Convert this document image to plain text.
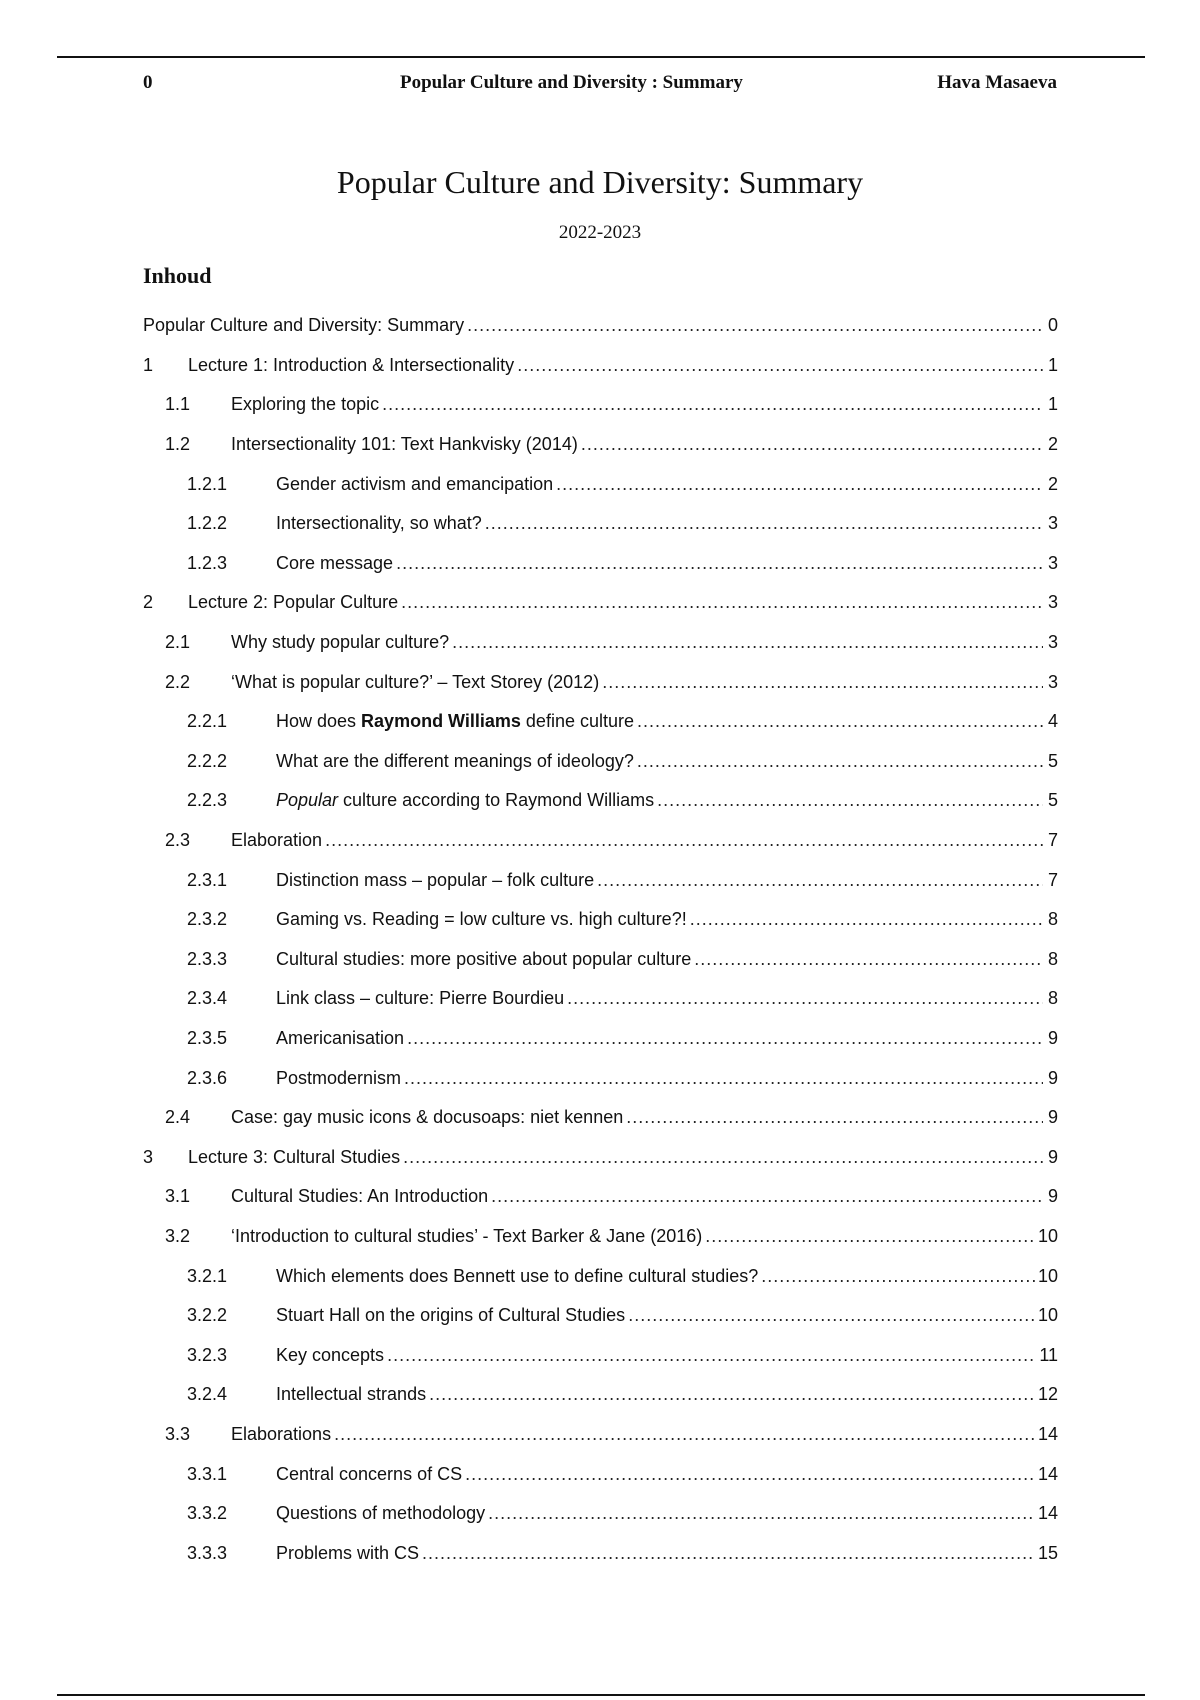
0	Popular Culture and Diversity : Summary	Hava Masaeva
Popular Culture and Diversity: Summary
2022-2023
Inhoud
Popular Culture and Diversity: Summary .....	0
1 Lecture 1: Introduction & Intersectionality .....	1
1.1 Exploring the topic .....	1
1.2 Intersectionality 101: Text Hankvisky (2014) .....	2
1.2.1	Gender activism and emancipation .....	2
1.2.2	Intersectionality, so what? .....	3
1.2.3	Core message .....	3
2 Lecture 2: Popular Culture .....	3
2.1 Why study popular culture? .....	3
2.2 ‘What is popular culture?’ – Text Storey (2012) .....	3
2.2.1	How does Raymond Williams define culture .....	4
2.2.2	What are the different meanings of ideology? .....	5
2.2.3	Popular culture according to Raymond Williams .....	5
2.3 Elaboration .....	7
2.3.1	Distinction mass – popular – folk culture .....	7
2.3.2	Gaming vs. Reading = low culture vs. high culture?! .....	8
2.3.3	Cultural studies: more positive about popular culture .....	8
2.3.4	Link class – culture: Pierre Bourdieu .....	8
2.3.5	Americanisation .....	9
2.3.6	Postmodernism .....	9
2.4 Case: gay music icons & docusoaps: niet kennen .....	9
3 Lecture 3: Cultural Studies .....	9
3.1 Cultural Studies: An Introduction .....	9
3.2 ‘Introduction to cultural studies’ - Text Barker & Jane (2016) .....	10
3.2.1	Which elements does Bennett use to define cultural studies? .....	10
3.2.2	Stuart Hall on the origins of Cultural Studies .....	10
3.2.3	Key concepts .....	11
3.2.4	Intellectual strands .....	12
3.3 Elaborations .....	14
3.3.1	Central concerns of CS .....	14
3.3.2	Questions of methodology .....	14
3.3.3	Problems with CS .....	15
